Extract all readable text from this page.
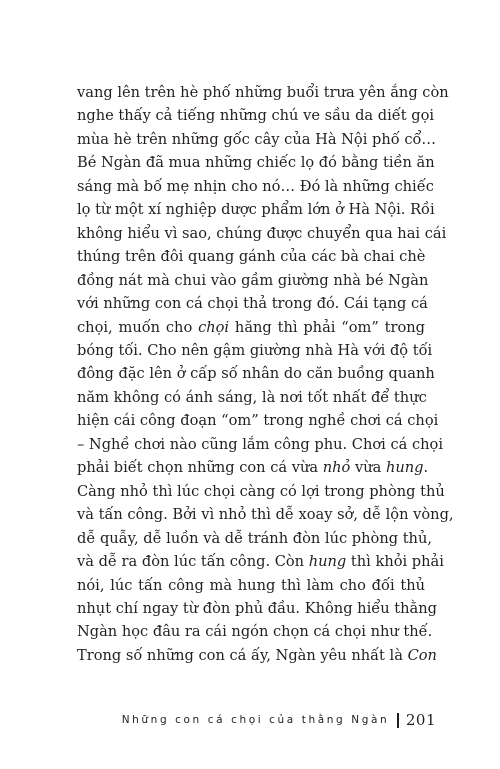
vang lên trên hè phố những buổi trưa yên ắng còn
nghe thấy cả tiếng những chú ve sầu da diết gọi
mùa hè trên những gốc cây của Hà Nội phố cổ…
Bé Ngàn đã mua những chiếc lọ đó bằng tiền ăn
sáng mà bố mẹ nhịn cho nó… Đó là những chiếc
lọ từ một xí nghiệp dược phẩm lớn ở Hà Nội. Rồi
không hiểu vì sao, chúng được chuyển qua hai cái
thúng trên đôi quang gánh của các bà chai chè
đồng nát mà chui vào gầm giường nhà bé Ngàn
với những con cá chọi thả trong đó. Cái tạng cá
chọi, muốn cho chọi hăng thì phải “om” trong
bóng tối. Cho nên gậm giường nhà Hà với độ tối
đông đặc lên ở cấp số nhân do căn buồng quanh
năm không có ánh sáng, là nơi tốt nhất để thực
hiện cái công đoạn “om” trong nghề chơi cá chọi
– Nghề chơi nào cũng lắm công phu. Chơi cá chọi
phải biết chọn những con cá vừa nhỏ vừa hung.
Càng nhỏ thì lúc chọi càng có lợi trong phòng thủ
và tấn công. Bởi vì nhỏ thì dễ xoay sở, dễ lộn vòng,
dễ quẫy, dễ luồn và dễ tránh đòn lúc phòng thủ,
và dễ ra đòn lúc tấn công. Còn hung thì khỏi phải
nói, lúc tấn công mà hung thì làm cho đối thủ
nhụt chí ngay từ đòn phủ đầu. Không hiểu thằng
Ngàn học đâu ra cái ngón chọn cá chọi như thế.
Trong số những con cá ấy, Ngàn yêu nhất là Con
Những con cá chọi của thằng Ngàn 201
